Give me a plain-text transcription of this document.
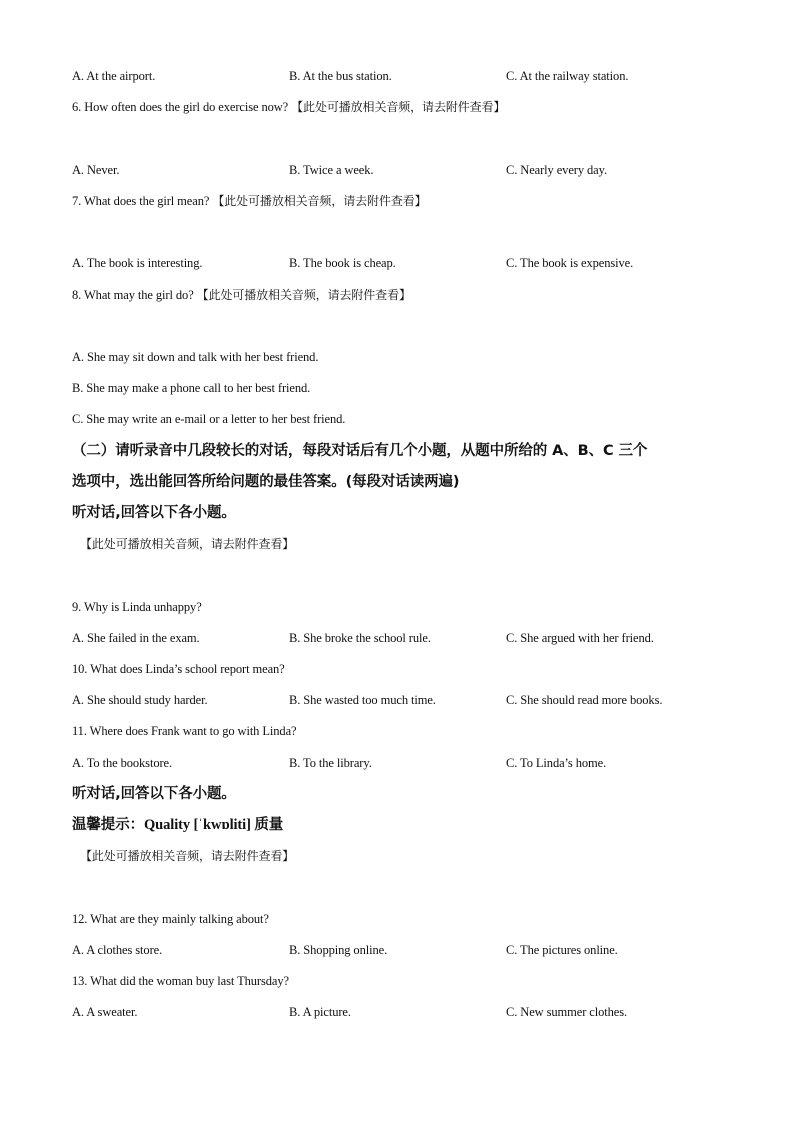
A. At the airport.	B. At the bus station.	C. At the railway station.
6. How often does the girl do exercise now? 【此处可播放相关音频，请去附件查看】
A. Never.	B. Twice a week.	C. Nearly every day.
7. What does the girl mean? 【此处可播放相关音频，请去附件查看】
A. The book is interesting.	B. The book is cheap.	C. The book is expensive.
8. What may the girl do? 【此处可播放相关音频，请去附件查看】
A. She may sit down and talk with her best friend.
B. She may make a phone call to her best friend.
C. She may write an e-mail or a letter to her best friend.
（二）请听录音中几段较长的对话，每段对话后有几个小题，从题中所给的 A、B、C 三个
选项中，选出能回答所给问题的最佳答案。(每段对话读两遍)
听对话,回答以下各小题。
【此处可播放相关音频，请去附件查看】
9. Why is Linda unhappy?
A. She failed in the exam.	B. She broke the school rule.	C. She argued with her friend.
10. What does Linda’s school report mean?
A. She should study harder.	B. She wasted too much time.	C. She should read more books.
11. Where does Frank want to go with Linda?
A. To the bookstore.	B. To the library.	C. To Linda’s home.
听对话,回答以下各小题。
温馨提示：Quality [ˈkwɒliti] 质量
【此处可播放相关音频，请去附件查看】
12. What are they mainly talking about?
A. A clothes store.	B. Shopping online.	C. The pictures online.
13. What did the woman buy last Thursday?
A. A sweater.	B. A picture.	C. New summer clothes.
